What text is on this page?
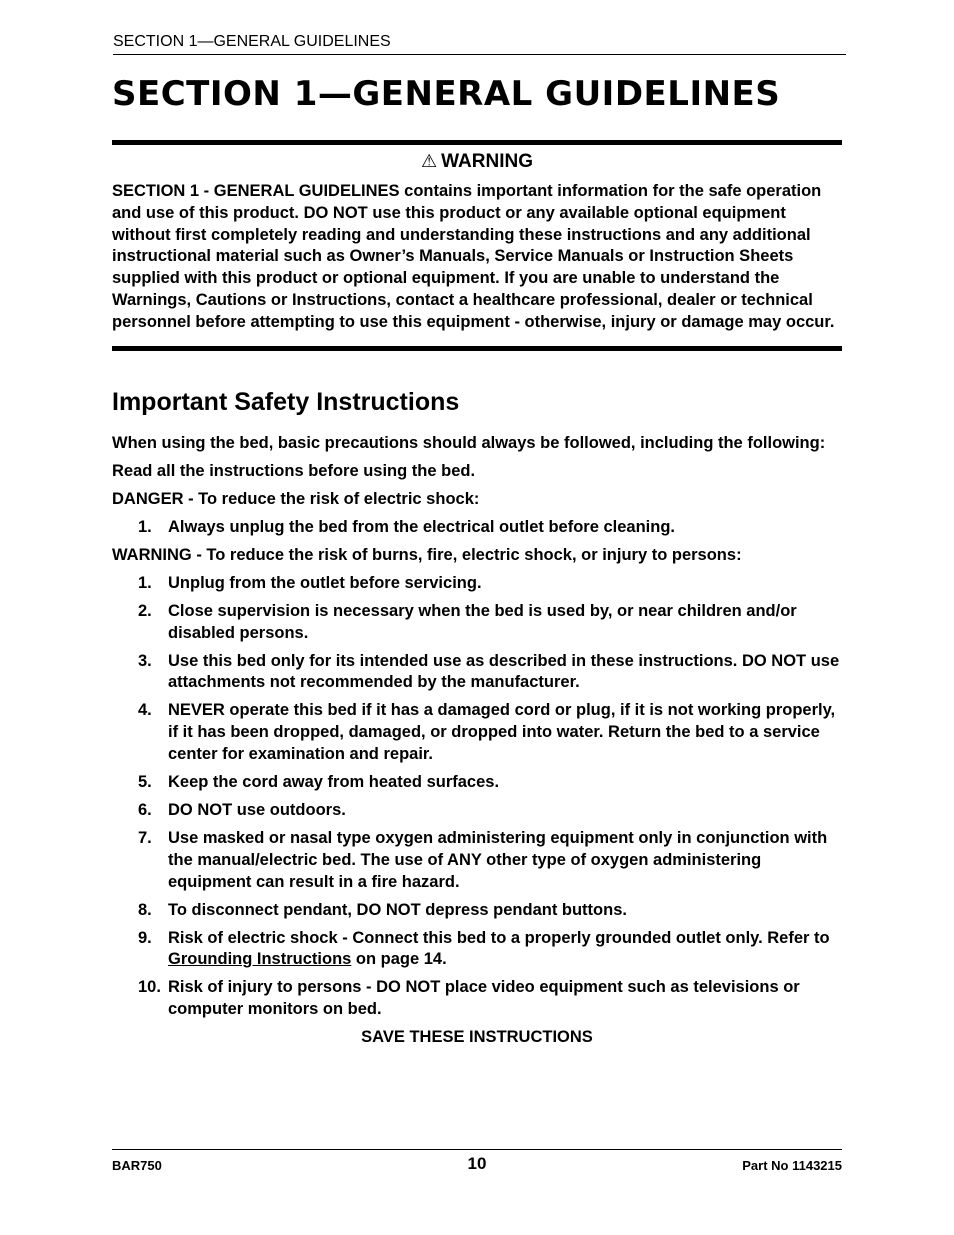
SECTION 1—GENERAL GUIDELINES
SECTION 1—GENERAL GUIDELINES
⚠ WARNING

SECTION 1 - GENERAL GUIDELINES contains important information for the safe operation and use of this product. DO NOT use this product or any available optional equipment without first completely reading and understanding these instructions and any additional instructional material such as Owner’s Manuals, Service Manuals or Instruction Sheets supplied with this product or optional equipment. If you are unable to understand the Warnings, Cautions or Instructions, contact a healthcare professional, dealer or technical personnel before attempting to use this equipment - otherwise, injury or damage may occur.

Important Safety Instructions

When using the bed, basic precautions should always be followed, including the following:

Read all the instructions before using the bed.

DANGER - To reduce the risk of electric shock:

1. Always unplug the bed from the electrical outlet before cleaning.

WARNING - To reduce the risk of burns, fire, electric shock, or injury to persons:

1. Unplug from the outlet before servicing.
2. Close supervision is necessary when the bed is used by, or near children and/or disabled persons.
3. Use this bed only for its intended use as described in these instructions. DO NOT use attachments not recommended by the manufacturer.
4. NEVER operate this bed if it has a damaged cord or plug, if it is not working properly, if it has been dropped, damaged, or dropped into water. Return the bed to a service center for examination and repair.
5. Keep the cord away from heated surfaces.
6. DO NOT use outdoors.
7. Use masked or nasal type oxygen administering equipment only in conjunction with the manual/electric bed. The use of ANY other type of oxygen administering equipment can result in a fire hazard.
8. To disconnect pendant, DO NOT depress pendant buttons.
9. Risk of electric shock - Connect this bed to a properly grounded outlet only. Refer to Grounding Instructions on page 14.
10. Risk of injury to persons - DO NOT place video equipment such as televisions or computer monitors on bed.

SAVE THESE INSTRUCTIONS

BAR750	10	Part No 1143215
